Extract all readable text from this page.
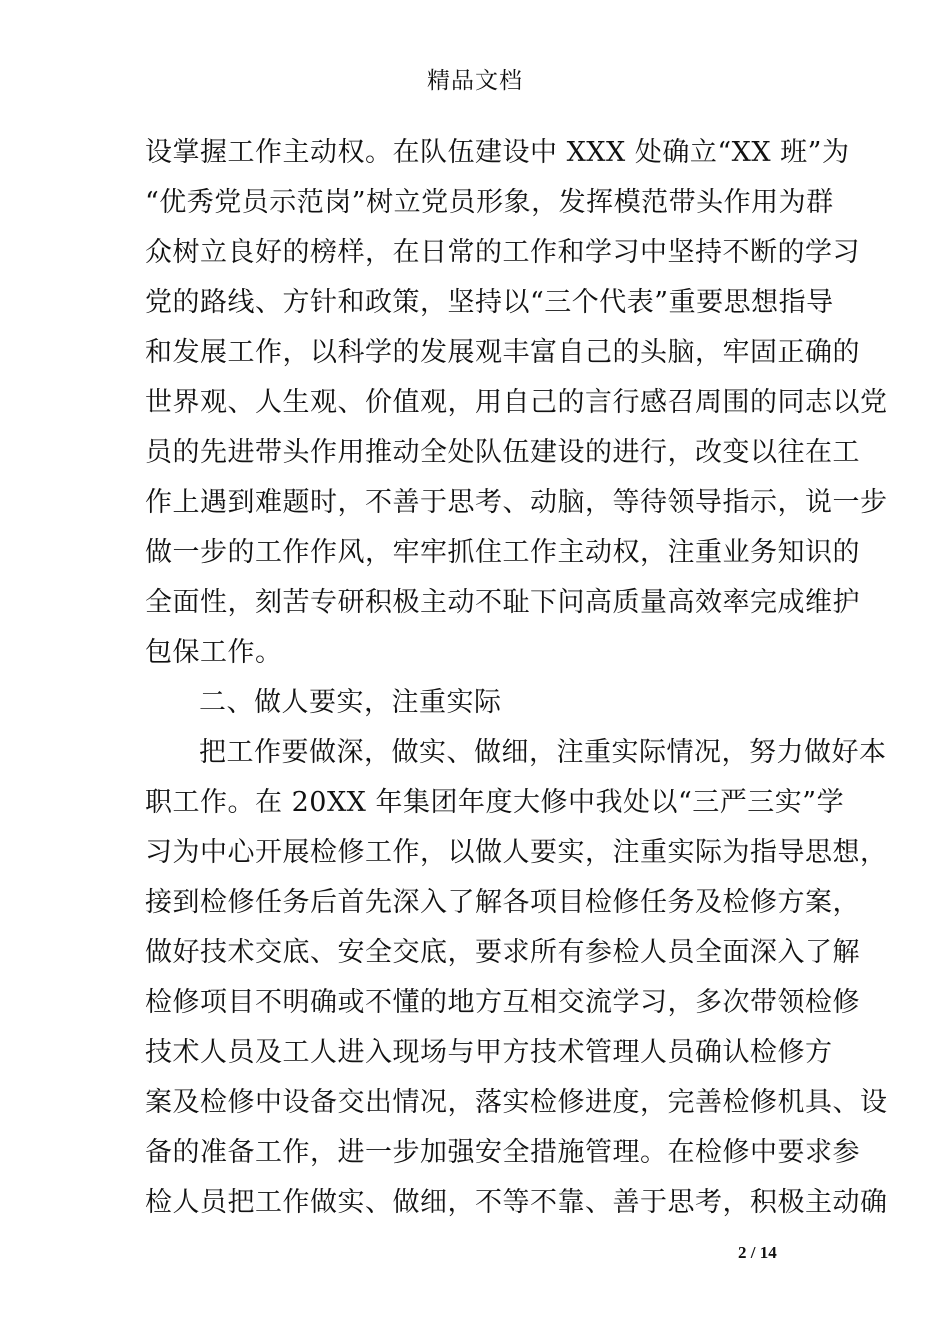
精品文档
设掌握工作主动权。在队伍建设中 XXX 处确立“XX 班”为
“优秀党员示范岗”树立党员形象，发挥模范带头作用为群
众树立良好的榜样，在日常的工作和学习中坚持不断的学习
党的路线、方针和政策，坚持以“三个代表”重要思想指导
和发展工作，以科学的发展观丰富自己的头脑，牢固正确的
世界观、人生观、价值观，用自己的言行感召周围的同志以党
员的先进带头作用推动全处队伍建设的进行，改变以往在工
作上遇到难题时，不善于思考、动脑，等待领导指示，说一步
做一步的工作作风，牢牢抓住工作主动权，注重业务知识的
全面性，刻苦专研积极主动不耻下问高质量高效率完成维护
包保工作。
二、做人要实，注重实际
把工作要做深，做实、做细，注重实际情况，努力做好本
职工作。在 20XX 年集团年度大修中我处以“三严三实”学
习为中心开展检修工作，以做人要实，注重实际为指导思想，
接到检修任务后首先深入了解各项目检修任务及检修方案，
做好技术交底、安全交底，要求所有参检人员全面深入了解
检修项目不明确或不懂的地方互相交流学习，多次带领检修
技术人员及工人进入现场与甲方技术管理人员确认检修方
案及检修中设备交出情况，落实检修进度，完善检修机具、设
备的准备工作，进一步加强安全措施管理。在检修中要求参
检人员把工作做实、做细，不等不靠、善于思考，积极主动确
2 / 14
